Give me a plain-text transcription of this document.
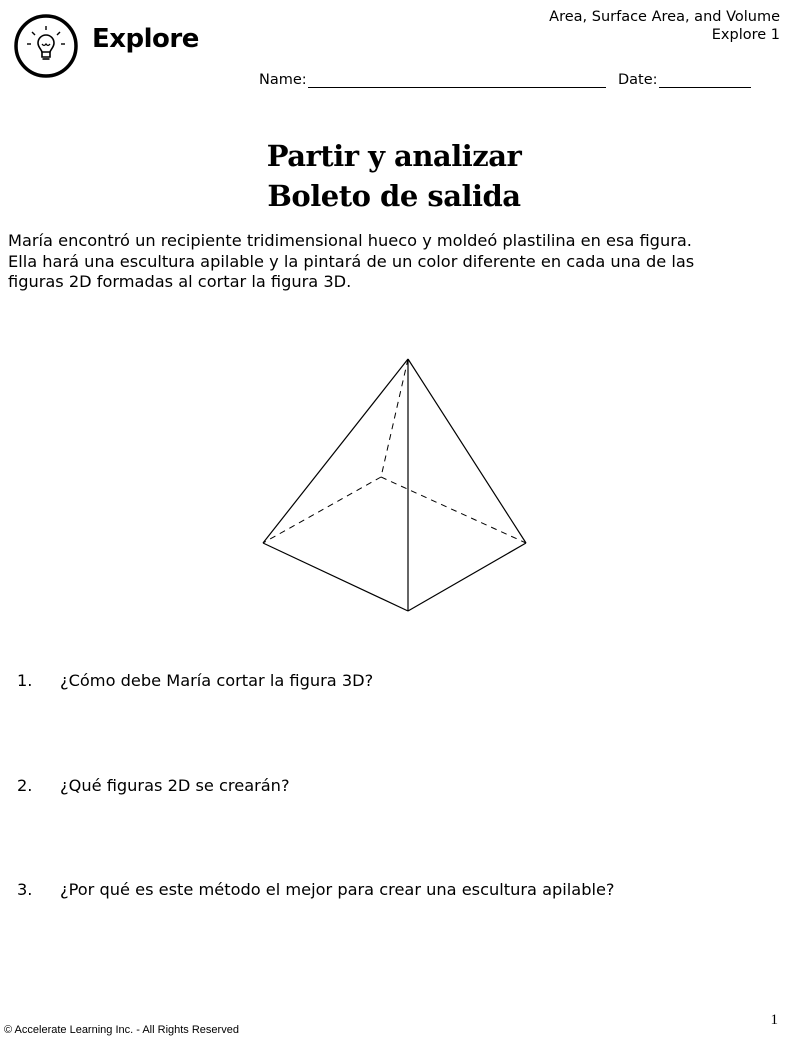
Explore
Area, Surface Area, and Volume
Explore 1
Name:	Date:
Partir y analizar
Boleto de salida
María encontró un recipiente tridimensional hueco y moldeó plastilina en esa figura.
Ella hará una escultura apilable y la pintará de un color diferente en cada una de las
figuras 2D formadas al cortar la figura 3D.
1. ¿Cómo debe María cortar la figura 3D?
2. ¿Qué figuras 2D se crearán?
3. ¿Por qué es este método el mejor para crear una escultura apilable?
© Accelerate Learning Inc. - All Rights Reserved
1
